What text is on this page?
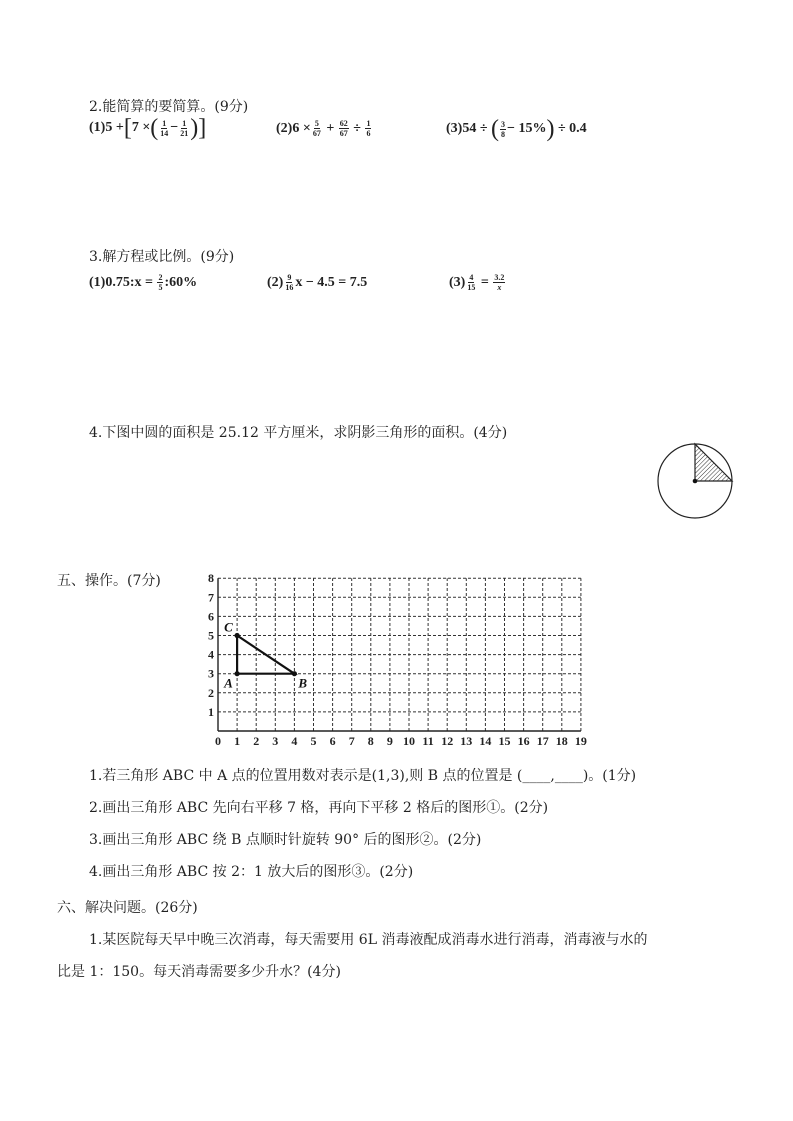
2.能简算的要简算。(9分)
(1)5 + [ 7 × ( $\frac{1}{14} - \frac{1}{21}$ ) ]	$(2)6 \times \frac{5}{67} + \frac{62}{67} \div \frac{1}{6}$	(3)54 ÷ ( $\frac{3}{8} - 15\%$ ) ÷ 0.4
3.解方程或比例。(9分)
(1)0.75:x = $\frac{2}{5}$ :60%	$(2) \frac{9}{16}$ x − 4.5 = 7.5	$(3) \frac{4}{15} = \frac{3.2}{x}$
4.下图中圆的面积是 25.12 平方厘米，求阴影三角形的面积。(4分)
五、操作。(7分)
0 1 2 3 4 5 6 7 8 9 10 11 12 13 14 15 16 17 18 19
1
2
3
4
5
6
7
8
A	B
C
1.若三角形 ABC 中 A 点的位置用数对表示是(1,3),则 B 点的位置是 (____,____)。(1分)
2.画出三角形 ABC 先向右平移 7 格，再向下平移 2 格后的图形①。(2分)
3.画出三角形 ABC 绕 B 点顺时针旋转 90° 后的图形②。(2分)
4.画出三角形 ABC 按 2：1 放大后的图形③。(2分)
六、解决问题。(26分)
1.某医院每天早中晚三次消毒，每天需要用 6L 消毒液配成消毒水进行消毒，消毒液与水的
比是 1：150。每天消毒需要多少升水？(4分)
